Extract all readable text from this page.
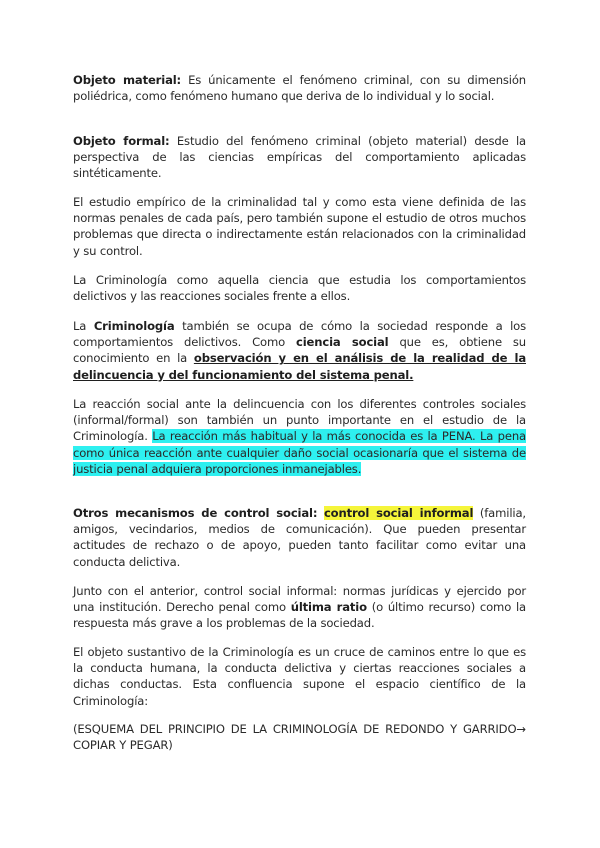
Objeto material: Es únicamente el fenómeno criminal, con su dimensión poliédrica, como fenómeno humano que deriva de lo individual y lo social.

Objeto formal: Estudio del fenómeno criminal (objeto material) desde la perspectiva de las ciencias empíricas del comportamiento aplicadas sintéticamente.

El estudio empírico de la criminalidad tal y como esta viene definida de las normas penales de cada país, pero también supone el estudio de otros muchos problemas que directa o indirectamente están relacionados con la criminalidad y su control.

La Criminología como aquella ciencia que estudia los comportamientos delictivos y las reacciones sociales frente a ellos.

La Criminología también se ocupa de cómo la sociedad responde a los comportamientos delictivos. Como ciencia social que es, obtiene su conocimiento en la observación y en el análisis de la realidad de la delincuencia y del funcionamiento del sistema penal.

La reacción social ante la delincuencia con los diferentes controles sociales (informal/formal) son también un punto importante en el estudio de la Criminología. La reacción más habitual y la más conocida es la PENA. La pena como única reacción ante cualquier daño social ocasionaría que el sistema de justicia penal adquiera proporciones inmanejables.

Otros mecanismos de control social: control social informal (familia, amigos, vecindarios, medios de comunicación). Que pueden presentar actitudes de rechazo o de apoyo, pueden tanto facilitar como evitar una conducta delictiva.

Junto con el anterior, control social informal: normas jurídicas y ejercido por una institución. Derecho penal como última ratio (o último recurso) como la respuesta más grave a los problemas de la sociedad.

El objeto sustantivo de la Criminología es un cruce de caminos entre lo que es la conducta humana, la conducta delictiva y ciertas reacciones sociales a dichas conductas. Esta confluencia supone el espacio científico de la Criminología:

(ESQUEMA DEL PRINCIPIO DE LA CRIMINOLOGÍA DE REDONDO Y GARRIDO→ COPIAR Y PEGAR)
